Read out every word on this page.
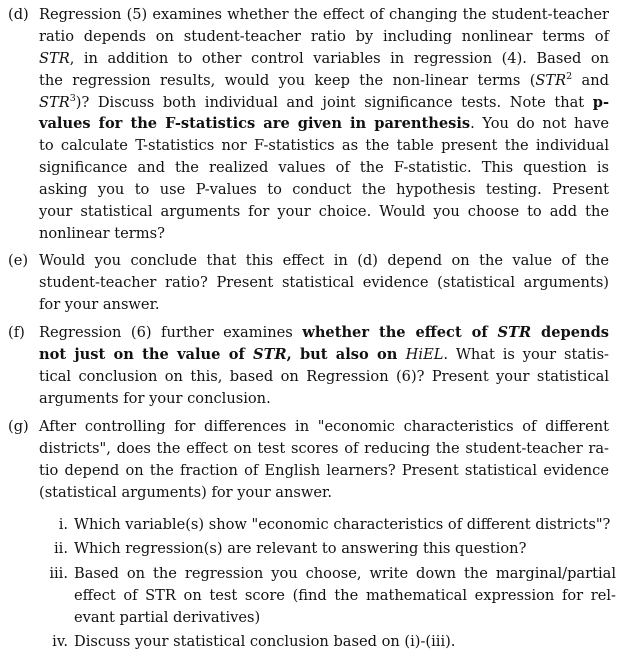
(d) Regression (5) examines whether the effect of changing the student-teacher
ratio depends on student-teacher ratio by including nonlinear terms of
STR, in addition to other control variables in regression (4). Based on
the regression results, would you keep the non-linear terms (STR$^2$ and
STR$^3$)? Discuss both individual and joint significance tests. Note that p-
values for the F-statistics are given in parenthesis. You do not have
to calculate T-statistics nor F-statistics as the table present the individual
significance and the realized values of the F-statistic. This question is
asking you to use P-values to conduct the hypothesis testing. Present
your statistical arguments for your choice. Would you choose to add the
nonlinear terms?
(e) Would you conclude that this effect in (d) depend on the value of the
student-teacher ratio? Present statistical evidence (statistical arguments)
for your answer.
(f) Regression (6) further examines whether the effect of STR depends
not just on the value of STR, but also on HiEL. What is your statis-
tical conclusion on this, based on Regression (6)? Present your statistical
arguments for your conclusion.
(g) After controlling for differences in "economic characteristics of different
districts", does the effect on test scores of reducing the student-teacher ra-
tio depend on the fraction of English learners? Present statistical evidence
(statistical arguments) for your answer.
i. Which variable(s) show "economic characteristics of different districts"?
ii. Which regression(s) are relevant to answering this question?
iii. Based on the regression you choose, write down the marginal/partial
effect of STR on test score (find the mathematical expression for rel-
evant partial derivatives)
iv. Discuss your statistical conclusion based on (i)-(iii).
